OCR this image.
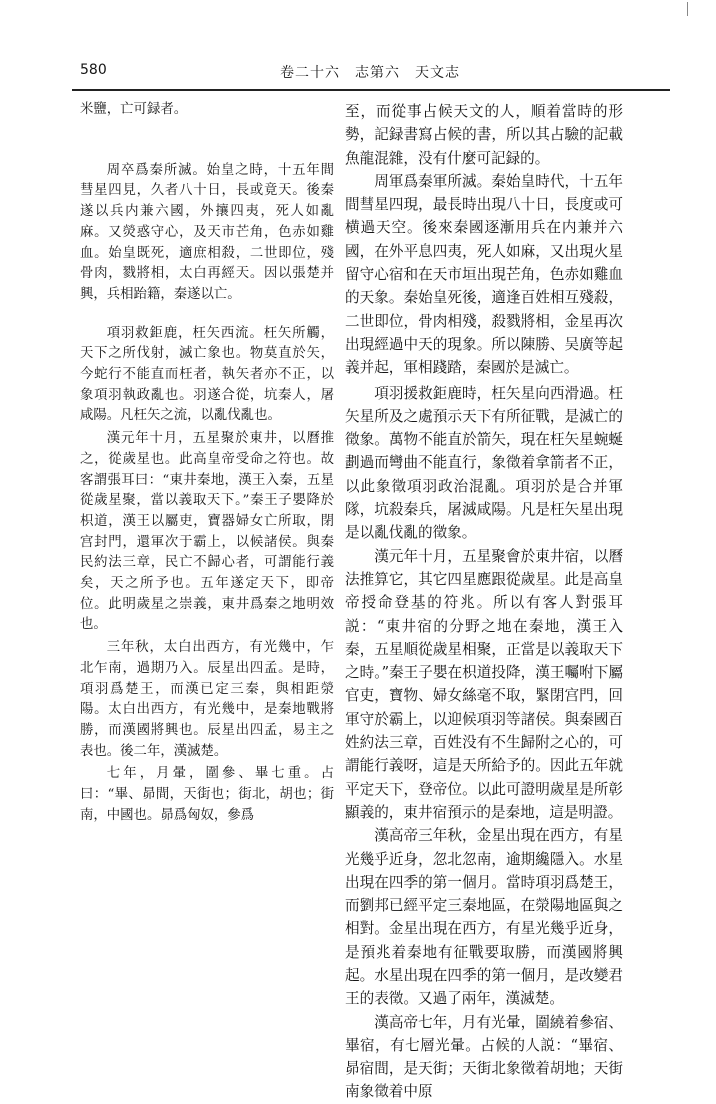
580	卷二十六　志第六　天文志

米鹽，亡可録者。

周卒爲秦所滅。始皇之時，十五年間彗星四見，久者八十日，長或竟天。後秦遂以兵内兼六國，外攘四夷，死人如亂麻。又熒惑守心，及天市芒角，色赤如雞血。始皇既死，適庶相殺，二世即位，殘骨肉，戮將相，太白再經天。因以張楚并興，兵相跆籍，秦遂以亡。

項羽救鉅鹿，枉矢西流。枉矢所觸，天下之所伐射，滅亡象也。物莫直於矢，今蛇行不能直而枉者，執矢者亦不正，以象項羽執政亂也。羽遂合從，坑秦人，屠咸陽。凡枉矢之流，以亂伐亂也。

漢元年十月，五星聚於東井，以曆推之，從歲星也。此高皇帝受命之符也。故客謂張耳曰：“東井秦地，漢王入秦，五星從歲星聚，當以義取天下。”秦王子嬰降於枳道，漢王以屬吏，寶器婦女亡所取，閉宫封門，還軍次于霸上，以候諸侯。與秦民約法三章，民亡不歸心者，可謂能行義矣，天之所予也。五年遂定天下，即帝位。此明歲星之崇義，東井爲秦之地明效也。

三年秋，太白出西方，有光幾中，乍北乍南，過期乃入。辰星出四孟。是時，項羽爲楚王，而漢已定三秦，與相距滎陽。太白出西方，有光幾中，是秦地戰將勝，而漢國將興也。辰星出四孟，易主之表也。後二年，漢滅楚。

七年，月暈，圍參、畢七重。占曰：“畢、昴間，天街也；街北，胡也；街南，中國也。昴爲匈奴，參爲

至，而從事占候天文的人，順着當時的形勢，記録書寫占候的書，所以其占驗的記載魚龍混雜，没有什麼可記録的。

周軍爲秦軍所滅。秦始皇時代，十五年間彗星四現，最長時出現八十日，長度或可横過天空。後來秦國逐漸用兵在内兼并六國，在外平息四夷，死人如麻，又出現火星留守心宿和在天市垣出現芒角，色赤如雞血的天象。秦始皇死後，適逢百姓相互殘殺，二世即位，骨肉相殘，殺戮將相，金星再次出現經過中天的現象。所以陳勝、吴廣等起義并起，軍相踐踏，秦國於是滅亡。

項羽援救鉅鹿時，枉矢星向西滑過。枉矢星所及之處預示天下有所征戰，是滅亡的徵象。萬物不能直於箭矢，現在枉矢星蜿蜒劃過而彎曲不能直行，象徵着拿箭者不正，以此象徵項羽政治混亂。項羽於是合并軍隊，坑殺秦兵，屠滅咸陽。凡是枉矢星出現是以亂伐亂的徵象。

漢元年十月，五星聚會於東井宿，以曆法推算它，其它四星應跟從歲星。此是高皇帝授命登基的符兆。所以有客人對張耳説：“東井宿的分野之地在秦地，漢王入秦，五星順從歲星相聚，正當是以義取天下之時。”秦王子嬰在枳道投降，漢王囑咐下屬官吏，寶物、婦女絲毫不取，緊閉宫門，回軍守於霸上，以迎候項羽等諸侯。與秦國百姓約法三章，百姓没有不生歸附之心的，可謂能行義呀，這是天所給予的。因此五年就平定天下，登帝位。以此可證明歲星是所彰顯義的，東井宿預示的是秦地，這是明證。

漢高帝三年秋，金星出現在西方，有星光幾乎近身，忽北忽南，逾期纔隱入。水星出現在四季的第一個月。當時項羽爲楚王，而劉邦已經平定三秦地區，在滎陽地區與之相對。金星出現在西方，有星光幾乎近身，是預兆着秦地有征戰要取勝，而漢國將興起。水星出現在四季的第一個月，是改變君王的表徵。又過了兩年，漢滅楚。

漢高帝七年，月有光暈，圍繞着參宿、畢宿，有七層光暈。占候的人説：“畢宿、昴宿間，是天街；天街北象徵着胡地；天街南象徵着中原
